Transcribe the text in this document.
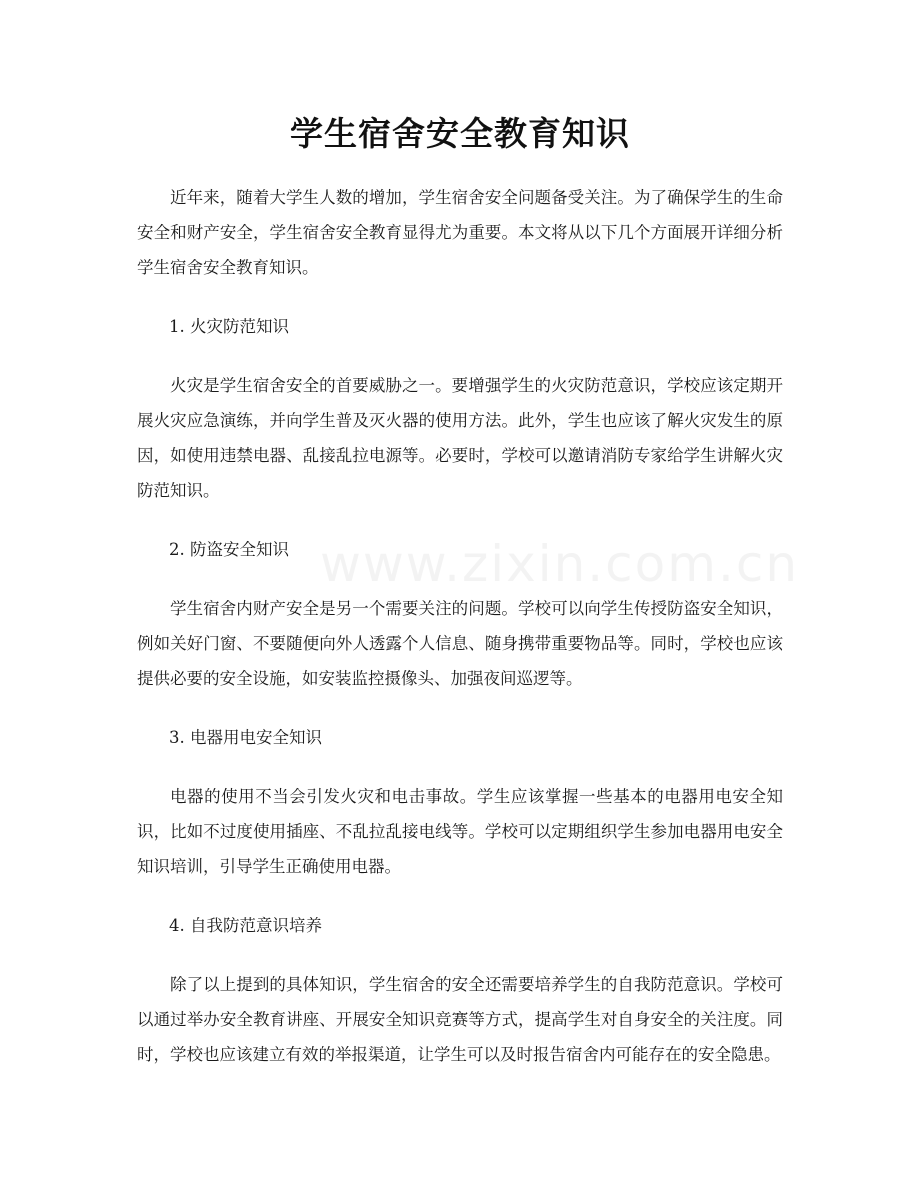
www.zixin.com.cn
学生宿舍安全教育知识

近年来，随着大学生人数的增加，学生宿舍安全问题备受关注。为了确保学生的生命安全和财产安全，学生宿舍安全教育显得尤为重要。本文将从以下几个方面展开详细分析学生宿舍安全教育知识。

1. 火灾防范知识

火灾是学生宿舍安全的首要威胁之一。要增强学生的火灾防范意识，学校应该定期开展火灾应急演练，并向学生普及灭火器的使用方法。此外，学生也应该了解火灾发生的原因，如使用违禁电器、乱接乱拉电源等。必要时，学校可以邀请消防专家给学生讲解火灾防范知识。

2. 防盗安全知识

学生宿舍内财产安全是另一个需要关注的问题。学校可以向学生传授防盗安全知识，例如关好门窗、不要随便向外人透露个人信息、随身携带重要物品等。同时，学校也应该提供必要的安全设施，如安装监控摄像头、加强夜间巡逻等。

3. 电器用电安全知识

电器的使用不当会引发火灾和电击事故。学生应该掌握一些基本的电器用电安全知识，比如不过度使用插座、不乱拉乱接电线等。学校可以定期组织学生参加电器用电安全知识培训，引导学生正确使用电器。

4. 自我防范意识培养

除了以上提到的具体知识，学生宿舍的安全还需要培养学生的自我防范意识。学校可以通过举办安全教育讲座、开展安全知识竞赛等方式，提高学生对自身安全的关注度。同时，学校也应该建立有效的举报渠道，让学生可以及时报告宿舍内可能存在的安全隐患。
